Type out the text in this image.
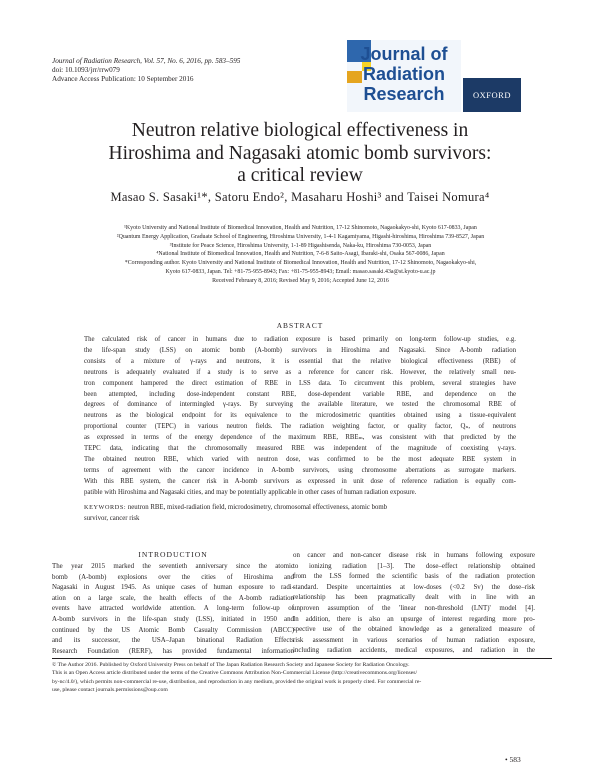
Journal of Radiation Research, Vol. 57, No. 6, 2016, pp. 583–595
doi: 10.1093/jrr/rrw079
Advance Access Publication: 10 September 2016
Journal of
Radiation
Research	OXFORD
Neutron relative biological effectiveness in
Hiroshima and Nagasaki atomic bomb survivors:
a critical review
Masao S. Sasaki¹*, Satoru Endo², Masaharu Hoshi³ and Taisei Nomura⁴
¹Kyoto University and National Institute of Biomedical Innovation, Health and Nutrition, 17-12 Shinomoto, Nagaokakyo-shi, Kyoto 617-0833, Japan
²Quantum Energy Application, Graduate School of Engineering, Hiroshima University, 1-4-1 Kagamiyama, Higashi-hiroshima, Hiroshima 739-8527, Japan
³Institute for Peace Science, Hiroshima University, 1-1-89 Higashisenda, Naka-ku, Hiroshima 730-0053, Japan
⁴National Institute of Biomedical Innovation, Health and Nutrition, 7-6-8 Saito-Asagi, Ibaraki-shi, Osaka 567-0086, Japan
*Corresponding author. Kyoto University and National Institute of Biomedical Innovation, Health and Nutrition, 17-12 Shinomoto, Nagaokakyo-shi,
Kyoto 617-0833, Japan. Tel: +81-75-955-8943; Fax: +81-75-955-8943; Email: masao.sasaki.43a@st.kyoto-u.ac.jp
Received February 8, 2016; Revised May 9, 2016; Accepted June 12, 2016
ABSTRACT
The calculated risk of cancer in humans due to radiation exposure is based primarily on long-term follow-up studies, e.g.
the life-span study (LSS) on atomic bomb (A-bomb) survivors in Hiroshima and Nagasaki. Since A-bomb radiation
consists of a mixture of γ-rays and neutrons, it is essential that the relative biological effectiveness (RBE) of
neutrons is adequately evaluated if a study is to serve as a reference for cancer risk. However, the relatively small neu-
tron component hampered the direct estimation of RBE in LSS data. To circumvent this problem, several strategies have
been attempted, including dose-independent constant RBE, dose-dependent variable RBE, and dependence on the
degrees of dominance of intermingled γ-rays. By surveying the available literature, we tested the chromosomal RBE of
neutrons as the biological endpoint for its equivalence to the microdosimetric quantities obtained using a tissue-equivalent
proportional counter (TEPC) in various neutron fields. The radiation weighting factor, or quality factor, Qₙ, of neutrons
as expressed in terms of the energy dependence of the maximum RBE, RBEₘ, was consistent with that predicted by the
TEPC data, indicating that the chromosomally measured RBE was independent of the magnitude of coexisting γ-rays.
The obtained neutron RBE, which varied with neutron dose, was confirmed to be the most adequate RBE system in
terms of agreement with the cancer incidence in A-bomb survivors, using chromosome aberrations as surrogate markers.
With this RBE system, the cancer risk in A-bomb survivors as expressed in unit dose of reference radiation is equally com-
patible with Hiroshima and Nagasaki cities, and may be potentially applicable in other cases of human radiation exposure.
KEYWORDS: neutron RBE, mixed-radiation field, microdosimetry, chromosomal effectiveness, atomic bomb
survivor, cancer risk
INTRODUCTION
The year 2015 marked the seventieth anniversary since the atomic
bomb (A-bomb) explosions over the cities of Hiroshima and
Nagasaki in August 1945. As unique cases of human exposure to radi-
ation on a large scale, the health effects of the A-bomb radiation
events have attracted worldwide attention. A long-term follow-up of
A-bomb survivors in the life-span study (LSS), initiated in 1950 and
continued by the US Atomic Bomb Casualty Commission (ABCC)
and its successor, the USA–Japan binational Radiation Effects
Research Foundation (RERF), has provided fundamental information
on cancer and non-cancer disease risk in humans following exposure
to ionizing radiation [1–3]. The dose–effect relationship obtained
from the LSS formed the scientific basis of the radiation protection
standard. Despite uncertainties at low-doses (<0.2 Sv) the dose–risk
relationship has been pragmatically dealt with in line with an
unproven assumption of the 'linear non-threshold (LNT)' model [4].
In addition, there is also an upsurge of interest regarding more pro-
spective use of the obtained knowledge as a generalized measure of
risk assessment in various scenarios of human radiation exposure,
including radiation accidents, medical exposures, and radiation in the
© The Author 2016. Published by Oxford University Press on behalf of The Japan Radiation Research Society and Japanese Society for Radiation Oncology.
This is an Open Access article distributed under the terms of the Creative Commons Attribution Non-Commercial License (http://creativecommons.org/licenses/
by-nc/4.0/), which permits non-commercial re-use, distribution, and reproduction in any medium, provided the original work is properly cited. For commercial re-
use, please contact journals.permissions@oup.com
• 583
